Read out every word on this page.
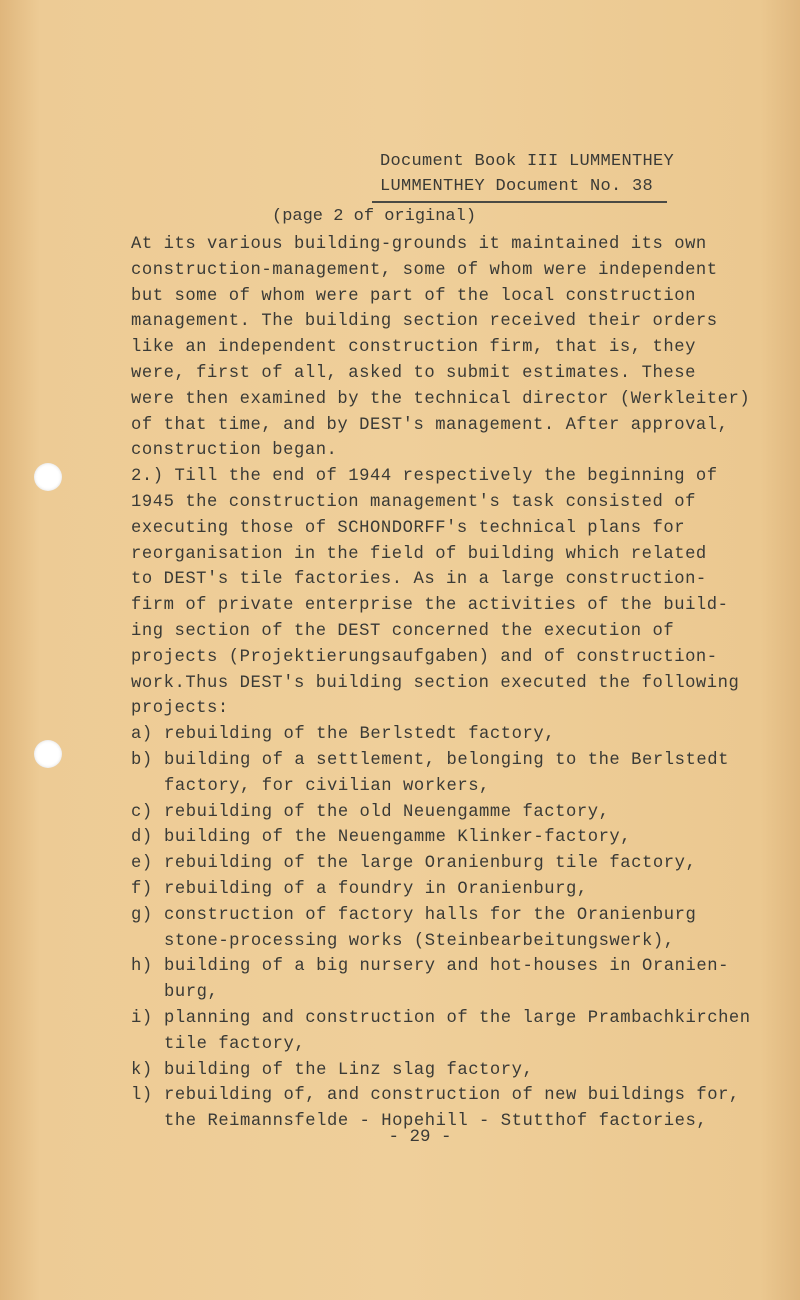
Document Book III LUMMENTHEY
LUMMENTHEY Document No. 38
(page 2 of original)

At its various building-grounds it maintained its own

construction-management, some of whom were independent

but some of whom were part of the local construction

management. The building section received their orders

like an independent construction firm, that is, they

were, first of all, asked to submit estimates. These

were then examined by the technical director (Werkleiter)

of that time, and by DEST's management. After approval,

construction began.

2.) Till the end of 1944 respectively the beginning of

1945 the construction management's task consisted of

executing those of SCHONDORFF's technical plans for

reorganisation in the field of building which related

to DEST's tile factories. As in a large construction-

firm of private enterprise the activities of the build-

ing section of the DEST concerned the execution of

projects (Projektierungsaufgaben) and of construction-

work.Thus DEST's building section executed the following

projects:

a) rebuilding of the Berlstedt factory,
b) building of a settlement, belonging to the Berlstedt
factory, for civilian workers,
c) rebuilding of the old Neuengamme factory,
d) building of the Neuengamme Klinker-factory,
e) rebuilding of the large Oranienburg tile factory,
f) rebuilding of a foundry in Oranienburg,
g) construction of factory halls for the Oranienburg
stone-processing works (Steinbearbeitungswerk),
h) building of a big nursery and hot-houses in Oranien-
burg,
i) planning and construction of the large Prambachkirchen
tile factory,
k) building of the Linz slag factory,
l) rebuilding of, and construction of new buildings for,
the Reimannsfelde - Hopehill - Stutthof factories,
- 29 -
